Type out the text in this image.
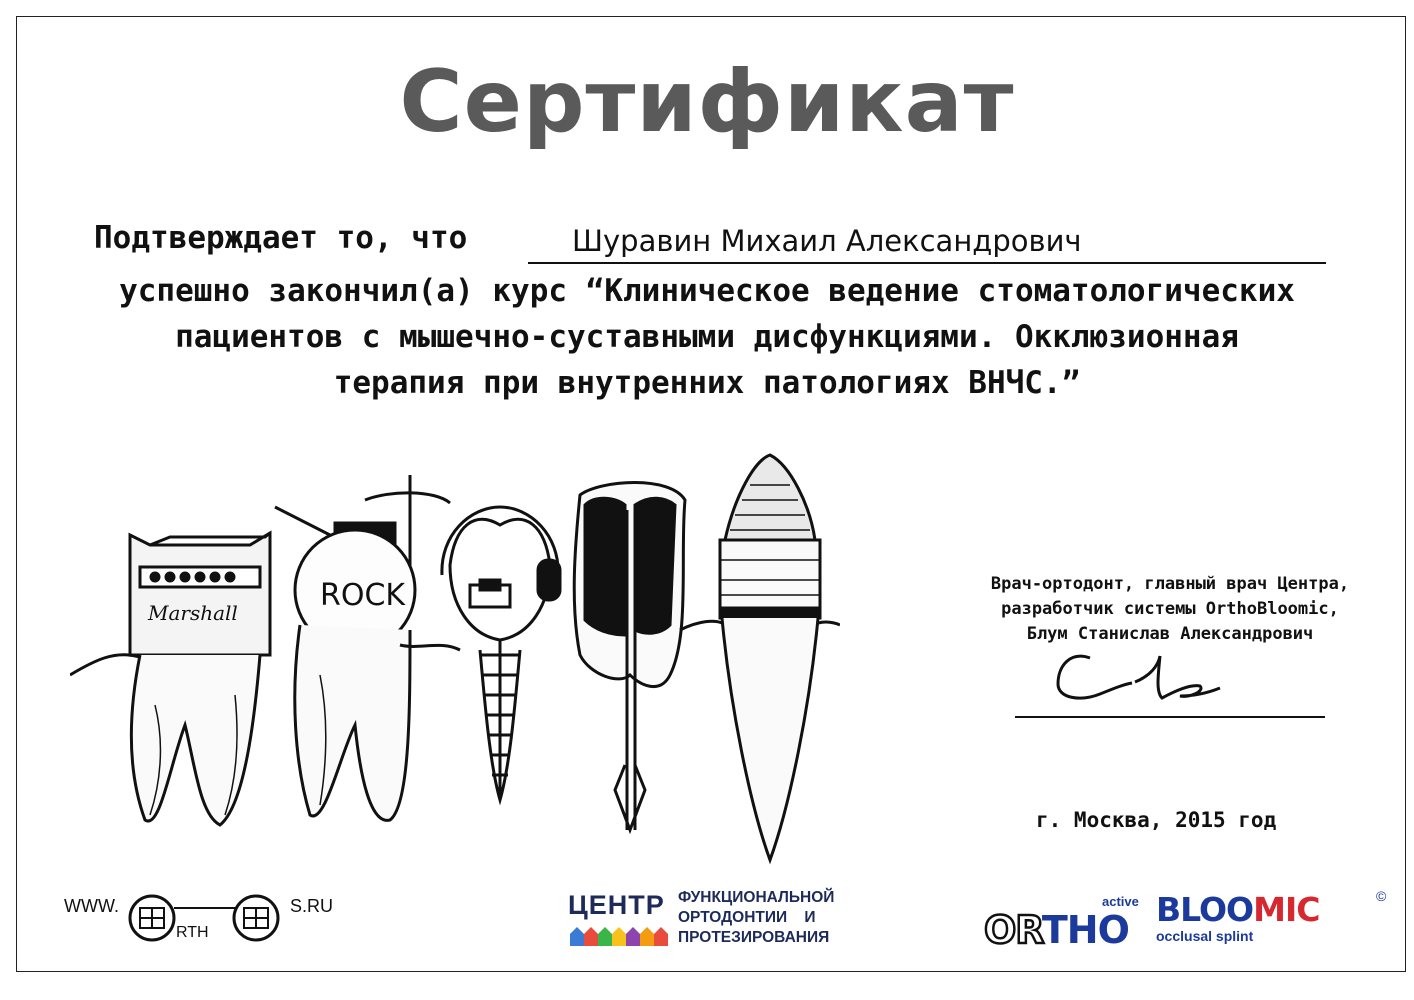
Сертификат
Подтверждает то, что	Шуравин Михаил Александрович
успешно закончил(а) курс “Клиническое ведение стоматологических
пациентов с мышечно-суставными дисфункциями. Окклюзионная
терапия при внутренних патологиях ВНЧС.”
Marshall	ROCK	Врач-ортодонт, главный врач Центра,
разработчик системы OrthoBloomic,
Блум Станислав Александрович
г. Москва, 2015 год
WWW.
RTH
S.RU	ЦЕНТР ФУНКЦИОНАЛЬНОЙ
ОРТОДОНТИИ    И
ПРОТЕЗИРОВАНИЯ	ORTHO
active BLOOMIC	©
occlusal splint
